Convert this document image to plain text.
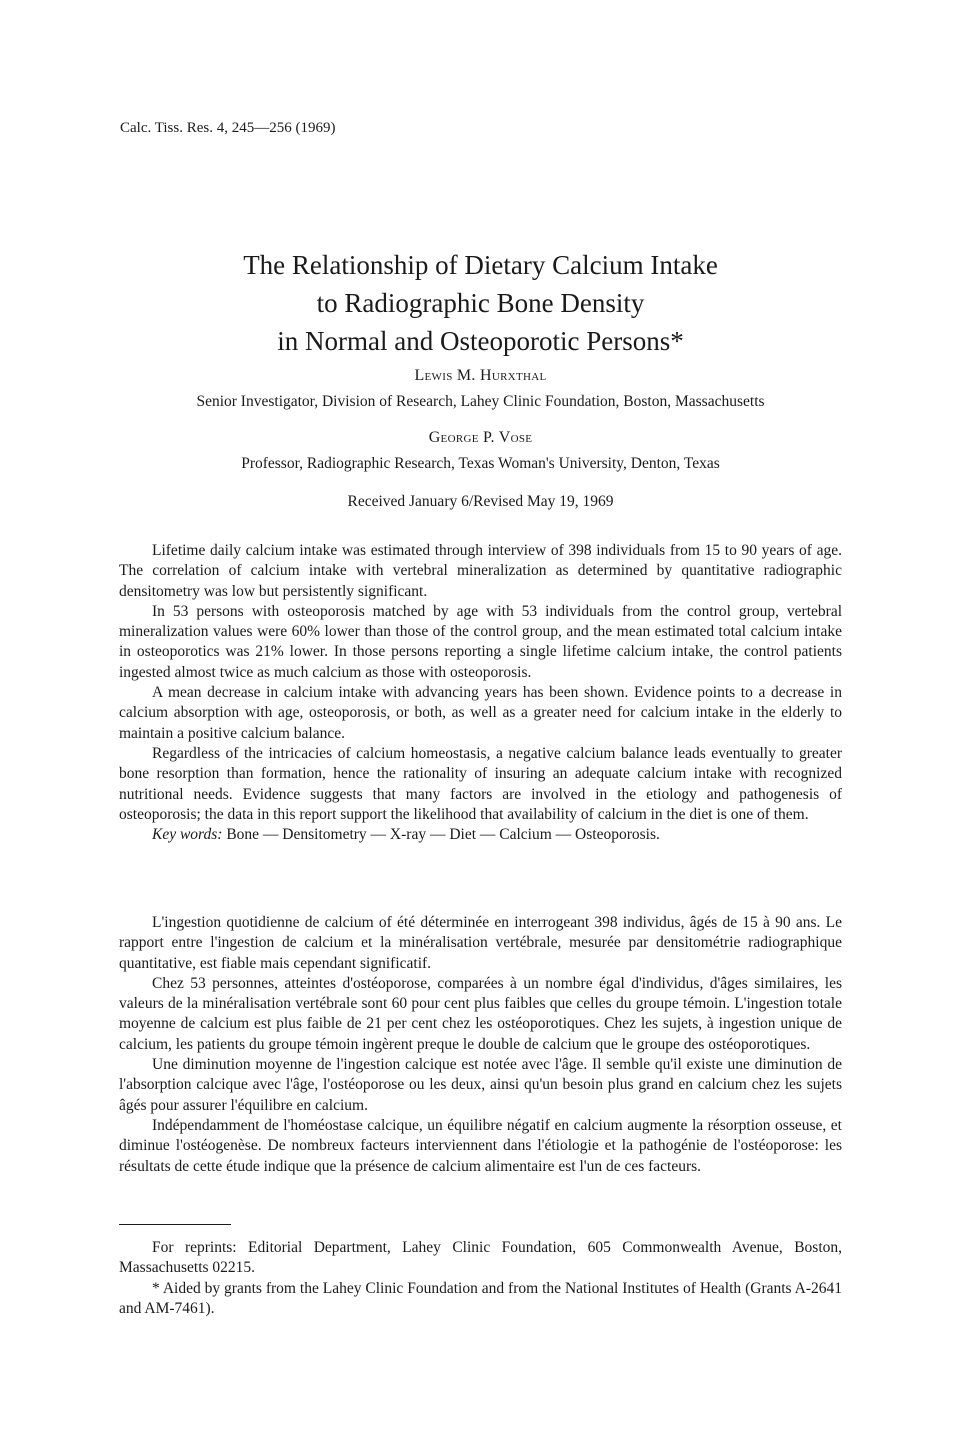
Calc. Tiss. Res. 4, 245—256 (1969)
The Relationship of Dietary Calcium Intake
to Radiographic Bone Density
in Normal and Osteoporotic Persons*
Lewis M. Hurxthal
Senior Investigator, Division of Research, Lahey Clinic Foundation, Boston, Massachusetts
George P. Vose
Professor, Radiographic Research, Texas Woman's University, Denton, Texas
Received January 6/Revised May 19, 1969

Lifetime daily calcium intake was estimated through interview of 398 individuals from 15 to 90 years of age. The correlation of calcium intake with vertebral mineralization as determined by quantitative radiographic densitometry was low but persistently significant.

In 53 persons with osteoporosis matched by age with 53 individuals from the control group, vertebral mineralization values were 60% lower than those of the control group, and the mean estimated total calcium intake in osteoporotics was 21% lower. In those persons reporting a single lifetime calcium intake, the control patients ingested almost twice as much calcium as those with osteoporosis.

A mean decrease in calcium intake with advancing years has been shown. Evidence points to a decrease in calcium absorption with age, osteoporosis, or both, as well as a greater need for calcium intake in the elderly to maintain a positive calcium balance.

Regardless of the intricacies of calcium homeostasis, a negative calcium balance leads eventually to greater bone resorption than formation, hence the rationality of insuring an adequate calcium intake with recognized nutritional needs. Evidence suggests that many factors are involved in the etiology and pathogenesis of osteoporosis; the data in this report support the likelihood that availability of calcium in the diet is one of them.

Key words: Bone — Densitometry — X-ray — Diet — Calcium — Osteoporosis.

L'ingestion quotidienne de calcium of été déterminée en interrogeant 398 individus, âgés de 15 à 90 ans. Le rapport entre l'ingestion de calcium et la minéralisation vertébrale, mesurée par densitométrie radiographique quantitative, est fiable mais cependant significatif.

Chez 53 personnes, atteintes d'ostéoporose, comparées à un nombre égal d'individus, d'âges similaires, les valeurs de la minéralisation vertébrale sont 60 pour cent plus faibles que celles du groupe témoin. L'ingestion totale moyenne de calcium est plus faible de 21 per cent chez les ostéoporotiques. Chez les sujets, à ingestion unique de calcium, les patients du groupe témoin ingèrent preque le double de calcium que le groupe des ostéoporotiques.

Une diminution moyenne de l'ingestion calcique est notée avec l'âge. Il semble qu'il existe une diminution de l'absorption calcique avec l'âge, l'ostéoporose ou les deux, ainsi qu'un besoin plus grand en calcium chez les sujets âgés pour assurer l'équilibre en calcium.

Indépendamment de l'homéostase calcique, un équilibre négatif en calcium augmente la résorption osseuse, et diminue l'ostéogenèse. De nombreux facteurs interviennent dans l'étiologie et la pathogénie de l'ostéoporose: les résultats de cette étude indique que la présence de calcium alimentaire est l'un de ces facteurs.

For reprints: Editorial Department, Lahey Clinic Foundation, 605 Commonwealth Avenue, Boston, Massachusetts 02215.

* Aided by grants from the Lahey Clinic Foundation and from the National Institutes of Health (Grants A-2641 and AM-7461).
